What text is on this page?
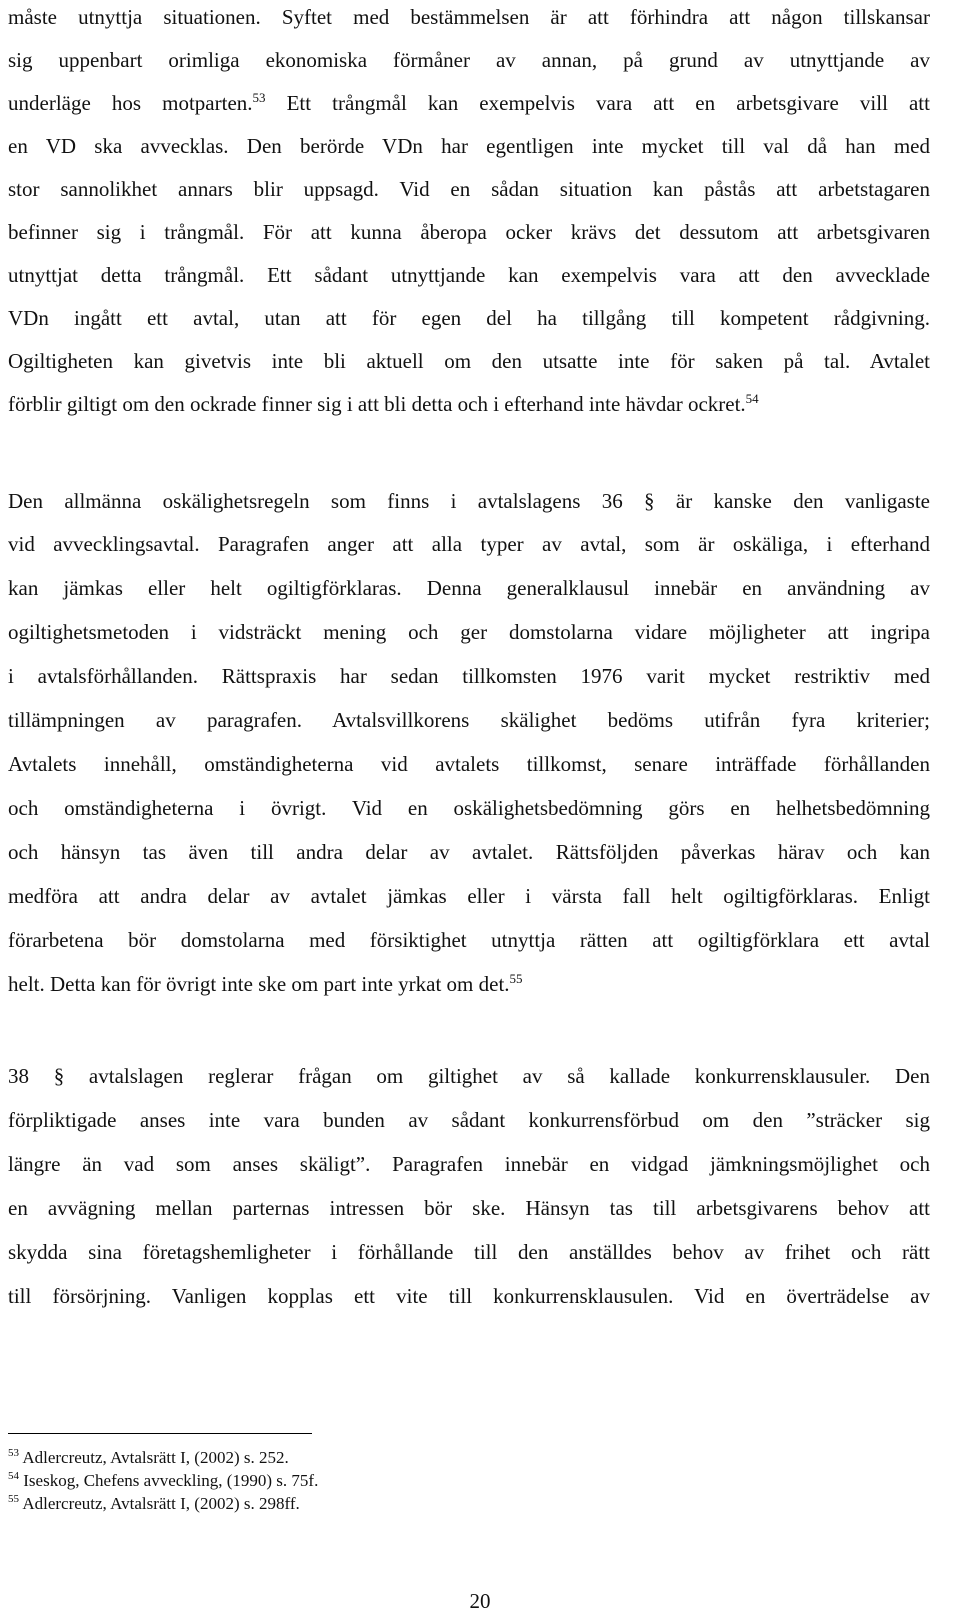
måste utnyttja situationen. Syftet med bestämmelsen är att förhindra att någon tillskansar
sig uppenbart orimliga ekonomiska förmåner av annan, på grund av utnyttjande av
underläge hos motparten.$^{53}$ Ett trångmål kan exempelvis vara att en arbetsgivare vill att
en VD ska avvecklas. Den berörde VDn har egentligen inte mycket till val då han med
stor sannolikhet annars blir uppsagd. Vid en sådan situation kan påstås att arbetstagaren
befinner sig i trångmål. För att kunna åberopa ocker krävs det dessutom att arbetsgivaren
utnyttjat detta trångmål. Ett sådant utnyttjande kan exempelvis vara att den avvecklade
VDn ingått ett avtal, utan att för egen del ha tillgång till kompetent rådgivning.
Ogiltigheten kan givetvis inte bli aktuell om den utsatte inte för saken på tal. Avtalet
förblir giltigt om den ockrade finner sig i att bli detta och i efterhand inte hävdar ockret.$^{54}$
Den allmänna oskälighetsregeln som finns i avtalslagens 36 § är kanske den vanligaste
vid avvecklingsavtal. Paragrafen anger att alla typer av avtal, som är oskäliga, i efterhand
kan jämkas eller helt ogiltigförklaras. Denna generalklausul innebär en användning av
ogiltighetsmetoden i vidsträckt mening och ger domstolarna vidare möjligheter att ingripa
i avtalsförhållanden. Rättspraxis har sedan tillkomsten 1976 varit mycket restriktiv med
tillämpningen av paragrafen. Avtalsvillkorens skälighet bedöms utifrån fyra kriterier;
Avtalets innehåll, omständigheterna vid avtalets tillkomst, senare inträffade förhållanden
och omständigheterna i övrigt. Vid en oskälighetsbedömning görs en helhetsbedömning
och hänsyn tas även till andra delar av avtalet. Rättsföljden påverkas härav och kan
medföra att andra delar av avtalet jämkas eller i värsta fall helt ogiltigförklaras. Enligt
förarbetena bör domstolarna med försiktighet utnyttja rätten att ogiltigförklara ett avtal
helt. Detta kan för övrigt inte ske om part inte yrkat om det.$^{55}$
38 § avtalslagen reglerar frågan om giltighet av så kallade konkurrensklausuler. Den
förpliktigade anses inte vara bunden av sådant konkurrensförbud om den ”sträcker sig
längre än vad som anses skäligt”. Paragrafen innebär en vidgad jämkningsmöjlighet och
en avvägning mellan parternas intressen bör ske. Hänsyn tas till arbetsgivarens behov att
skydda sina företagshemligheter i förhållande till den anställdes behov av frihet och rätt
till försörjning. Vanligen kopplas ett vite till konkurrensklausulen. Vid en överträdelse av
$^{53}$ Adlercreutz, Avtalsrätt I, (2002) s. 252.
$^{54}$ Iseskog, Chefens avveckling, (1990) s. 75f.
$^{55}$ Adlercreutz, Avtalsrätt I, (2002) s. 298ff.
20
